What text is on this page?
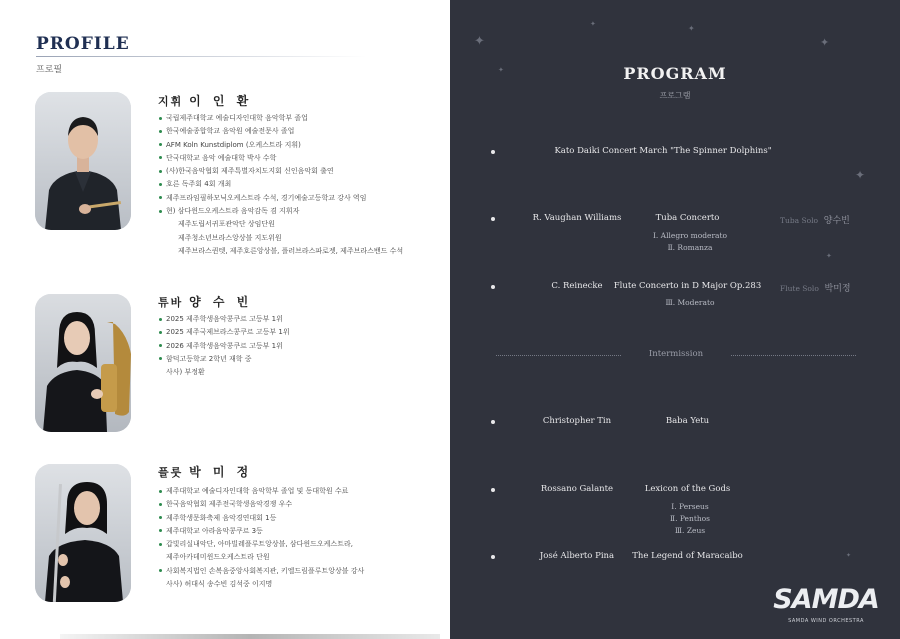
PROFILE
프로필
지휘 이 인 환
국립제주대학교 예술디자인대학 음악학부 졸업
한국예술종합학교 음악원 예술전문사 졸업
AFM Koln Kunstdiplom (오케스트라 지휘)
단국대학교 음악 예술대학 박사 수학
(사)한국음악협회 제주특별자치도지회 신인음악회 출연
호른 독주회 4회 개최
제주프라임필하모닉오케스트라 수석, 경기예술고등학교 강사 역임
현) 삼다윈드오케스트라 음악감독 겸 지휘자
제주도립서귀포관악단 상임단원
제주청소년브라스앙상블 지도위원
제주브라스퀸텟, 제주호른앙상블, 플러브라스파로젯, 제주브라스밴드 수석
튜바 양 수 빈
2025 제주학생음악콩쿠르 고등부 1위
2025 제주국제브라스콩쿠르 고등부 1위
2026 제주학생음악콩쿠르 고등부 1위
함덕고등학교 2학년 재학 중
사사) 부정환
플룻 박 미 정
제주대학교 예술디자인대학 음악학부 졸업 및 동대학원 수료
한국음악협회 제주전국학생음악경쟁 우수
제주학생문화축제 음악경연대회 1등
제주대학교 아라음악콩쿠르 3등
갑빛리실내악단, 아마빌레플루트앙상블, 삼다윈드오케스트라,
제주아카데미윈드오케스트라 단원
사회복지법인 손복음중앙사회복지관, 키엘드림플루트앙상블 강사
사사) 허대식 송수빈 김석중 이지명
✦
✦	✦
✦
✦
✦
✦
✦
PROGRAM
프로그램
Kato Daiki Concert March "The Spinner Dolphins"
R. Vaughan Williams	Tuba Concerto	Tuba Solo 양수빈
Ⅰ. Allegro moderato
Ⅱ. Romanza
C. Reinecke	Flute Concerto in D Major Op.283	Flute Solo 박미정
Ⅲ. Moderato
Intermission
Christopher Tin	Baba Yetu
Rossano Galante	Lexicon of the Gods
Ⅰ. Perseus
Ⅱ. Penthos
Ⅲ. Zeus
José Alberto Pina	The Legend of Maracaibo
SAMDA
SAMDA WIND ORCHESTRA
